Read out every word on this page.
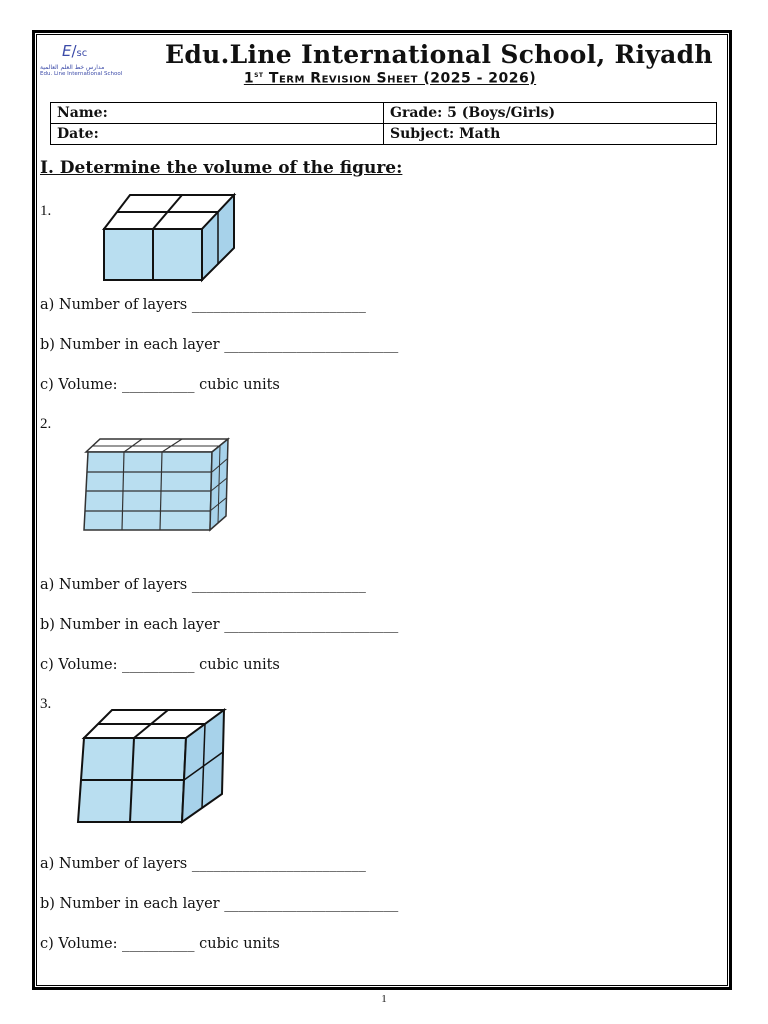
E/sc
مدارس خط العلم العالمية
Edu. Line International School
Edu.Line International School, Riyadh
1st Term Revision Sheet (2025 - 2026)
Name:	Grade: 5 (Boys/Girls)
Date:	Subject: Math
I. Determine the volume of the figure:
1.
a) Number of layers ________________________
b) Number in each layer ________________________
c) Volume: __________ cubic units
2.
a) Number of layers ________________________
b) Number in each layer ________________________
c) Volume: __________ cubic units
3.
a) Number of layers ________________________
b) Number in each layer ________________________
c) Volume: __________ cubic units
1
